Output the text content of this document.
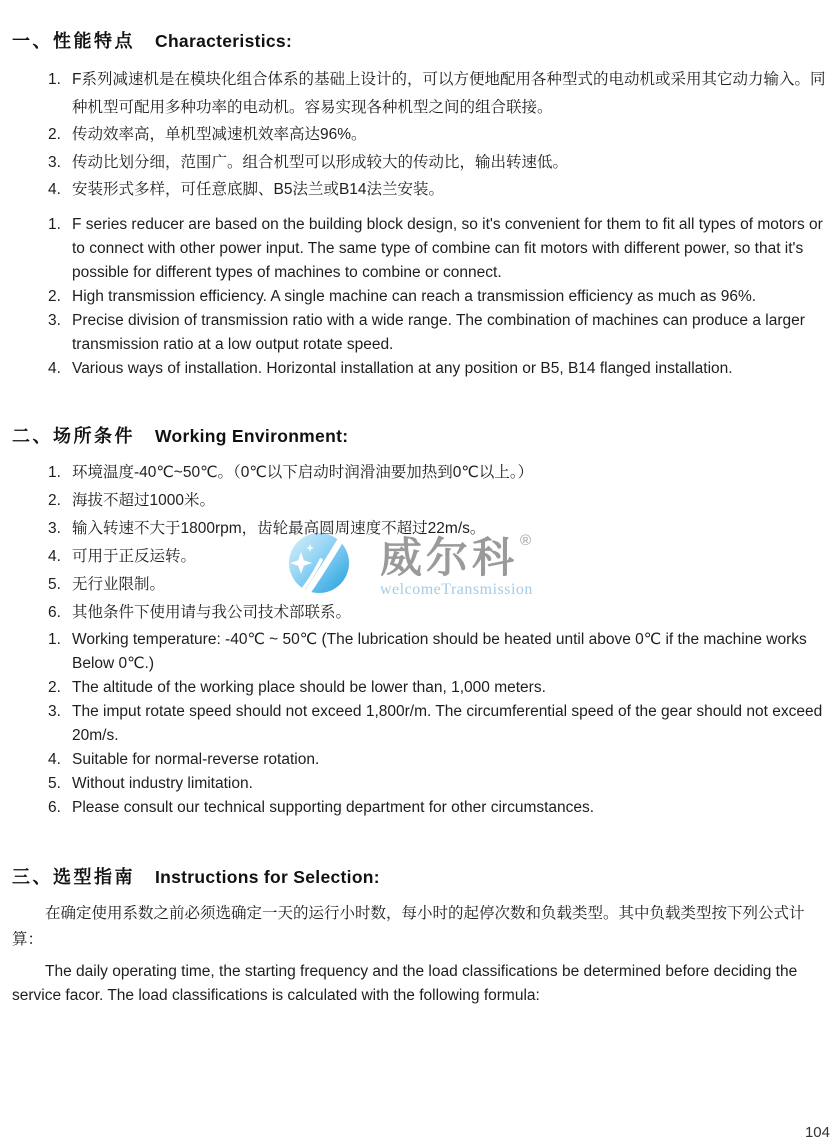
威尔科 ®
welcomeTransmission
一、性能特点 Characteristics:
1. F系列减速机是在模块化组合体系的基础上设计的，可以方便地配用各种型式的电动机或采用其它动力输入。同种机型可配用多种功率的电动机。容易实现各种机型之间的组合联接。
2. 传动效率高，单机型减速机效率高达96%。
3. 传动比划分细，范围广。组合机型可以形成较大的传动比，输出转速低。
4. 安装形式多样，可任意底脚、B5法兰或B14法兰安装。
1. F series reducer are based on the building block design, so it's convenient for them to fit all types of motors or to connect with other power input. The same type of combine can fit motors with different power, so that it's possible for different types of machines to combine or connect.
2. High transmission efficiency. A single machine can reach a transmission efficiency as much as 96%.
3. Precise division of transmission ratio with a wide range. The combination of machines can produce a larger transmission ratio at a low output rotate speed.
4. Various ways of installation. Horizontal installation at any position or B5, B14 flanged installation.
二、场所条件 Working Environment:
1. 环境温度-40℃~50℃。（0℃以下启动时润滑油要加热到0℃以上。）
2. 海拔不超过1000米。
3. 输入转速不大于1800rpm，齿轮最高圆周速度不超过22m/s。
4. 可用于正反运转。
5. 无行业限制。
6. 其他条件下使用请与我公司技术部联系。
1. Working temperature: -40℃ ~ 50℃ (The lubrication should be heated until above 0℃ if the machine works Below 0℃.)
2. The altitude of the working place should be lower than, 1,000 meters.
3. The imput rotate speed should not exceed 1,800r/m. The circumferential speed of the gear should not exceed 20m/s.
4. Suitable for normal-reverse rotation.
5. Without industry limitation.
6. Please consult our technical supporting department for other circumstances.
三、选型指南 Instructions for Selection:

在确定使用系数之前必须选确定一天的运行小时数，每小时的起停次数和负载类型。其中负载类型按下列公式计算：

The daily operating time, the starting frequency and the load classifications be determined before deciding the service facor. The load classifications is calculated with the following formula:

104
